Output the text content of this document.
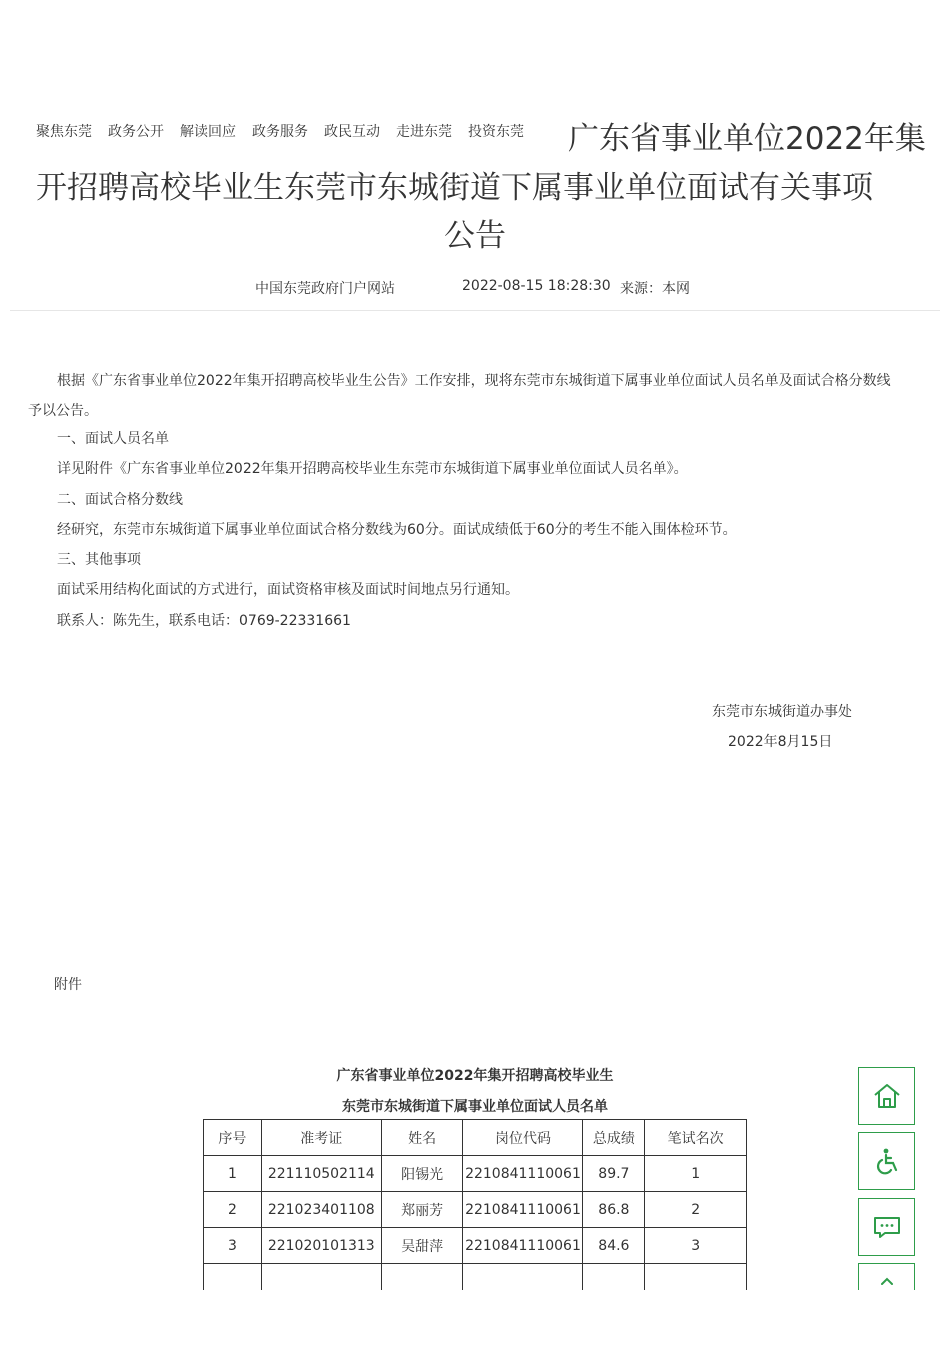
聚焦东莞 政务公开 解读回应 政务服务 政民互动 走进东莞 投资东莞 广东省事业单位2022年集
开招聘高校毕业生东莞市东城街道下属事业单位面试有关事项
公告
中国东莞政府门户网站	2022-08-15 18:28:30 来源：本网
根据《广东省事业单位2022年集开招聘高校毕业生公告》工作安排，现将东莞市东城街道下属事业单位面试人员名单及面试合格分数线予以公告。
一、面试人员名单
详见附件《广东省事业单位2022年集开招聘高校毕业生东莞市东城街道下属事业单位面试人员名单》。
二、面试合格分数线
经研究，东莞市东城街道下属事业单位面试合格分数线为60分。面试成绩低于60分的考生不能入围体检环节。
三、其他事项
面试采用结构化面试的方式进行，面试资格审核及面试时间地点另行通知。
联系人：陈先生，联系电话：0769-22331661
东莞市东城街道办事处
2022年8月15日
附件
广东省事业单位2022年集开招聘高校毕业生
东莞市东城街道下属事业单位面试人员名单
序号	准考证	姓名	岗位代码	总成绩	笔试名次
1	221110502114	阳锡光	2210841110061	89.7	1
2	221023401108	郑丽芳	2210841110061	86.8	2
3	221020101313	吴甜萍	2210841110061	84.6	3
